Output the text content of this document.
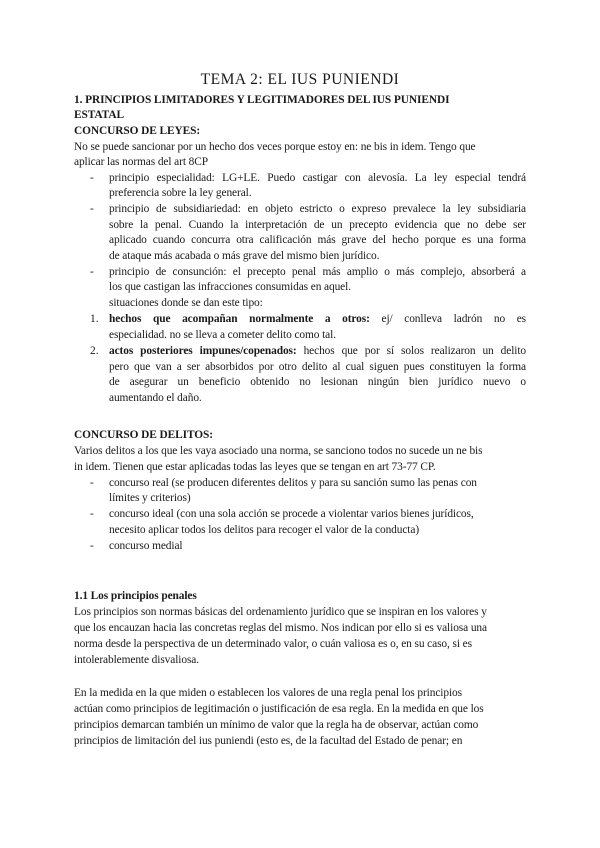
TEMA 2: EL IUS PUNIENDI
1. PRINCIPIOS LIMITADORES Y LEGITIMADORES DEL IUS PUNIENDI
ESTATAL
CONCURSO DE LEYES:
No se puede sancionar por un hecho dos veces porque estoy en: ne bis in idem. Tengo que
aplicar las normas del art 8CP
- principio especialidad: LG+LE. Puedo castigar con alevosía. La ley especial tendrá
preferencia sobre la ley general.
- principio de subsidiariedad: en objeto estricto o expreso prevalece la ley subsidiaria
sobre la penal. Cuando la interpretación de un precepto evidencia que no debe ser
aplicado cuando concurra otra calificación más grave del hecho porque es una forma
de ataque más acabada o más grave del mismo bien jurídico.
- principio de consunción: el precepto penal más amplio o más complejo, absorberá a
los que castigan las infracciones consumidas en aquel.
situaciones donde se dan este tipo:
1. hechos que acompañan normalmente a otros: ej/ conlleva ladrón no es
especialidad. no se lleva a cometer delito como tal.
2. actos posteriores impunes/copenados: hechos que por sí solos realizaron un delito
pero que van a ser absorbidos por otro delito al cual siguen pues constituyen la forma
de asegurar un beneficio obtenido no lesionan ningún bien jurídico nuevo o
aumentando el daño.
CONCURSO DE DELITOS:
Varios delitos a los que les vaya asociado una norma, se sanciono todos no sucede un ne bis
in idem. Tienen que estar aplicadas todas las leyes que se tengan en art 73-77 CP.
- concurso real (se producen diferentes delitos y para su sanción sumo las penas con
límites y criterios)
- concurso ideal (con una sola acción se procede a violentar varios bienes jurídicos,
necesito aplicar todos los delitos para recoger el valor de la conducta)
- concurso medial
1.1 Los principios penales
Los principios son normas básicas del ordenamiento jurídico que se inspiran en los valores y
que los encauzan hacia las concretas reglas del mismo. Nos indican por ello si es valiosa una
norma desde la perspectiva de un determinado valor, o cuán valiosa es o, en su caso, si es
intolerablemente disvaliosa.
En la medida en la que miden o establecen los valores de una regla penal los principios
actúan como principios de legitimación o justificación de esa regla. En la medida en que los
principios demarcan también un mínimo de valor que la regla ha de observar, actúan como
principios de limitación del ius puniendi (esto es, de la facultad del Estado de penar; en
